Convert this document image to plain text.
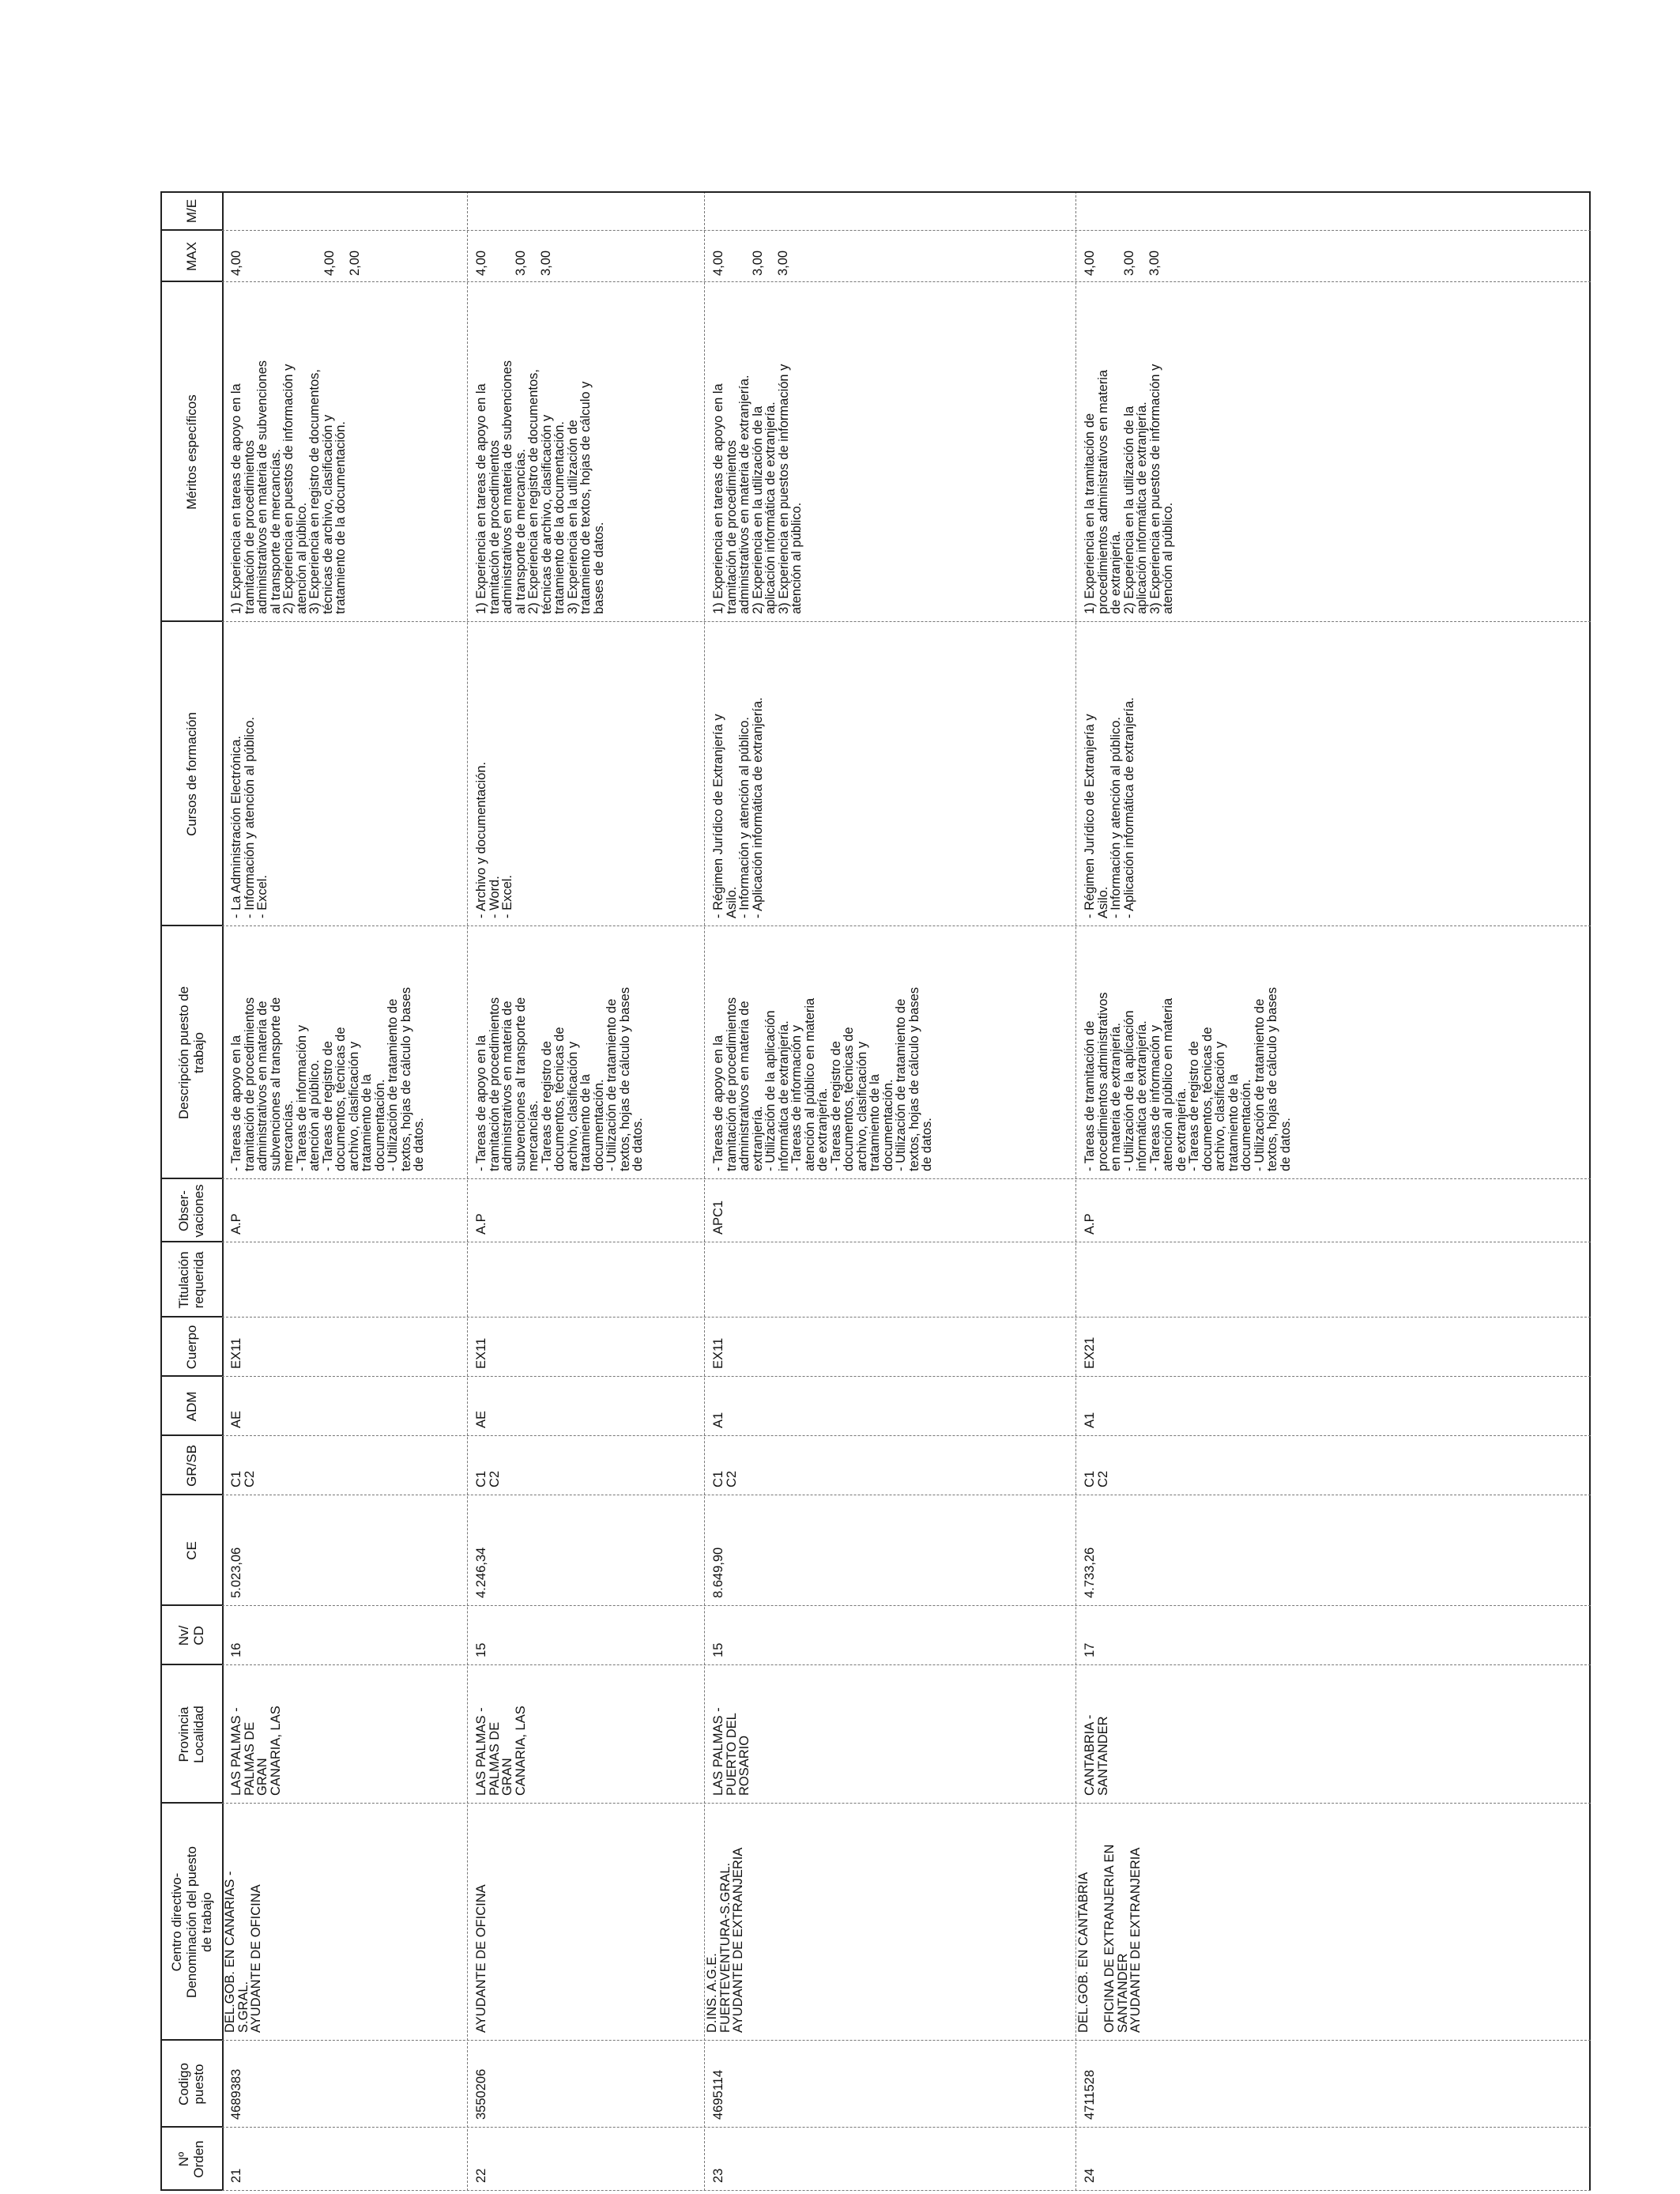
Nº
Orden
Codigo
puesto
Centro directivo-
Denominación del puesto
de trabajo
Provincia
Localidad
Nv/
CD
CE
GR/SB
ADM
Cuerpo
Titulación
requerida
Obser-
vaciones
Descripción puesto de
trabajo
Cursos de formación
Méritos específicos
MAX
M/E
21
4689383
DEL.GOB. EN CANARIAS -
S.GRAL.
AYUDANTE DE OFICINA
LAS PALMAS -
PALMAS DE
GRAN
CANARIA, LAS
16
5.023,06
C1
C2
AE
EX11
A.P
- Tareas de apoyo en la
tramitación de procedimientos
administrativos en materia de
subvenciones al transporte de
mercancías.
- Tareas de información y
atención al público.
- Tareas de registro de
documentos, técnicas de
archivo, clasificación y
tratamiento de la
documentación.
- Utilización de tratamiento de
textos, hojas de cálculo y bases
de datos.
- La Administración Electrónica.
- Información y atención al público.
- Excel.
1) Experiencia en tareas de apoyo en la
tramitación de procedimientos
administrativos en materia de subvenciones
al transporte de mercancías.
2) Experiencia en puestos de información y
atención al público.
3) Experiencia en registro de documentos,
técnicas de archivo, clasificación y
tratamiento de la documentación.
4,00	4,00 2,00
22
3550206
AYUDANTE DE OFICINA
LAS PALMAS -
PALMAS DE
GRAN
CANARIA, LAS
15
4.246,34
C1
C2
AE
EX11
A.P
- Tareas de apoyo en la
tramitación de procedimientos
administrativos en materia de
subvenciones al transporte de
mercancías.
- Tareas de registro de
documentos, técnicas de
archivo, clasificación y
tratamiento de la
documentación.
- Utilización de tratamiento de
textos, hojas de cálculo y bases
de datos.
- Archivo y documentación.
- Word.
- Excel.
1) Experiencia en tareas de apoyo en la
tramitación de procedimientos
administrativos en materia de subvenciones
al transporte de mercancías.
2) Experiencia en registro de documentos,
técnicas de archivo, clasificación y
tratamiento de la documentación.
3) Experiencia en la utilización de
tratamiento de textos, hojas de cálculo y
bases de datos.
4,00 3,00 3,00
23
4695114
D.INS. A.G.E.
FUERTEVENTURA-S.GRAL.
AYUDANTE DE EXTRANJERIA
LAS PALMAS -
PUERTO DEL
ROSARIO
15
8.649,90
C1
C2
A1
EX11
APC1
- Tareas de apoyo en la
tramitación de procedimientos
administrativos en materia de
extranjería.
- Utilización de la aplicación
informática de extranjería.
- Tareas de información y
atención al público en materia
de extranjería.
- Tareas de registro de
documentos, técnicas de
archivo, clasificación y
tratamiento de la
documentación.
- Utilización de tratamiento de
textos, hojas de cálculo y bases
de datos.
- Régimen Jurídico de Extranjería y
Asilo.
- Información y atención al público.
- Aplicación informática de extranjería.
1) Experiencia en tareas de apoyo en la
tramitación de procedimientos
administrativos en materia de extranjería.
2) Experiencia en la utilización de la
aplicación informática de extranjería.
3) Experiencia en puestos de información y
atención al público.
4,00 3,00 3,00
24
4711528
DEL.GOB. EN CANTABRIA

OFICINA DE EXTRANJERIA EN
SANTANDER
AYUDANTE DE EXTRANJERIA
CANTABRIA -
SANTANDER
17
4.733,26
C1
C2
A1
EX21
A.P
- Tareas de tramitación de
procedimientos administrativos
en materia de extranjería.
- Utilización de la aplicación
informática de extranjería.
- Tareas de información y
atención al público en materia
de extranjería.
- Tareas de registro de
documentos, técnicas de
archivo, clasificación y
tratamiento de la
documentación.
- Utilización de tratamiento de
textos, hojas de cálculo y bases
de datos.
- Régimen Jurídico de Extranjería y
Asilo.
- Información y atención al público.
- Aplicación informática de extranjería.
1) Experiencia en la tramitación de
procedimientos administrativos en materia
de extranjería.
2) Experiencia en la utilización de la
aplicación informática de extranjería.
3) Experiencia en puestos de información y
atención al público.
4,00 3,00 3,00
